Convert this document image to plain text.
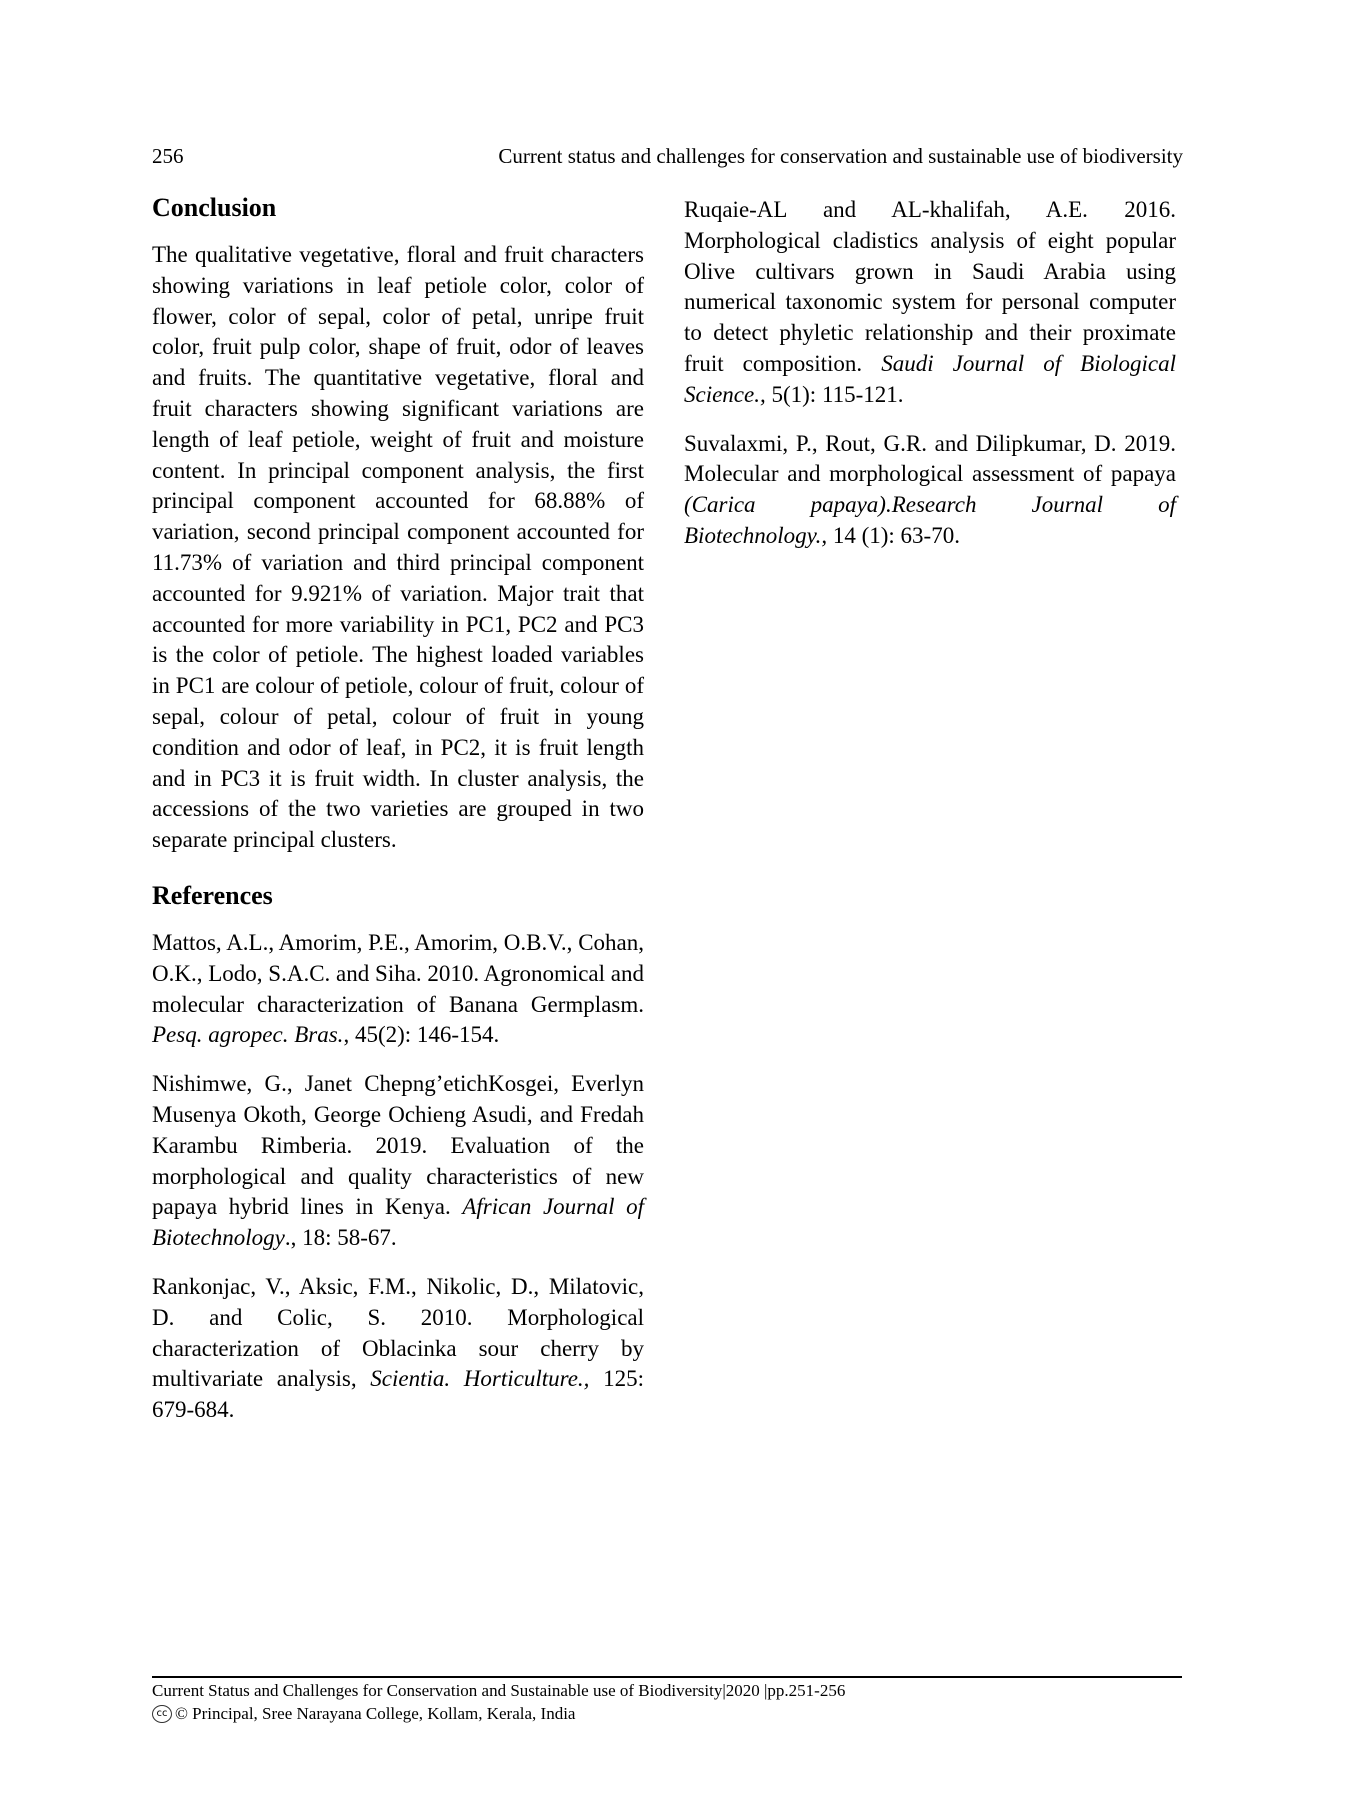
256	Current status and challenges for conservation and sustainable use of biodiversity
Conclusion

The qualitative vegetative, floral and fruit characters showing variations in leaf petiole color, color of flower, color of sepal, color of petal, unripe fruit color, fruit pulp color, shape of fruit, odor of leaves and fruits. The quantitative vegetative, floral and fruit characters showing significant variations are length of leaf petiole, weight of fruit and moisture content. In principal component analysis, the first principal component accounted for 68.88% of variation, second principal component accounted for 11.73% of variation and third principal component accounted for 9.921% of variation. Major trait that accounted for more variability in PC1, PC2 and PC3 is the color of petiole. The highest loaded variables in PC1 are colour of petiole, colour of fruit, colour of sepal, colour of petal, colour of fruit in young condition and odor of leaf, in PC2, it is fruit length and in PC3 it is fruit width. In cluster analysis, the accessions of the two varieties are grouped in two separate principal clusters.

References

Mattos, A.L., Amorim, P.E., Amorim, O.B.V., Cohan, O.K., Lodo, S.A.C. and Siha. 2010. Agronomical and molecular characterization of Banana Germplasm. Pesq. agropec. Bras., 45(2): 146-154.

Nishimwe, G., Janet Chepng’etichKosgei, Everlyn Musenya Okoth, George Ochieng Asudi, and Fredah Karambu Rimberia. 2019. Evaluation of the morphological and quality characteristics of new papaya hybrid lines in Kenya. African Journal of Biotechnology., 18: 58-67.

Rankonjac, V., Aksic, F.M., Nikolic, D., Milatovic, D. and Colic, S. 2010. Morphological characterization of Oblacinka sour cherry by multivariate analysis, Scientia. Horticulture., 125: 679-684.

Ruqaie-AL and AL-khalifah, A.E. 2016. Morphological cladistics analysis of eight popular Olive cultivars grown in Saudi Arabia using numerical taxonomic system for personal computer to detect phyletic relationship and their proximate fruit composition. Saudi Journal of Biological Science., 5(1): 115-121.

Suvalaxmi, P., Rout, G.R. and Dilipkumar, D. 2019. Molecular and morphological assessment of papaya (Carica papaya).Research Journal of Biotechnology., 14 (1): 63-70.

Current Status and Challenges for Conservation and Sustainable use of Biodiversity|2020 |pp.251-256
cc © Principal, Sree Narayana College, Kollam, Kerala, India
